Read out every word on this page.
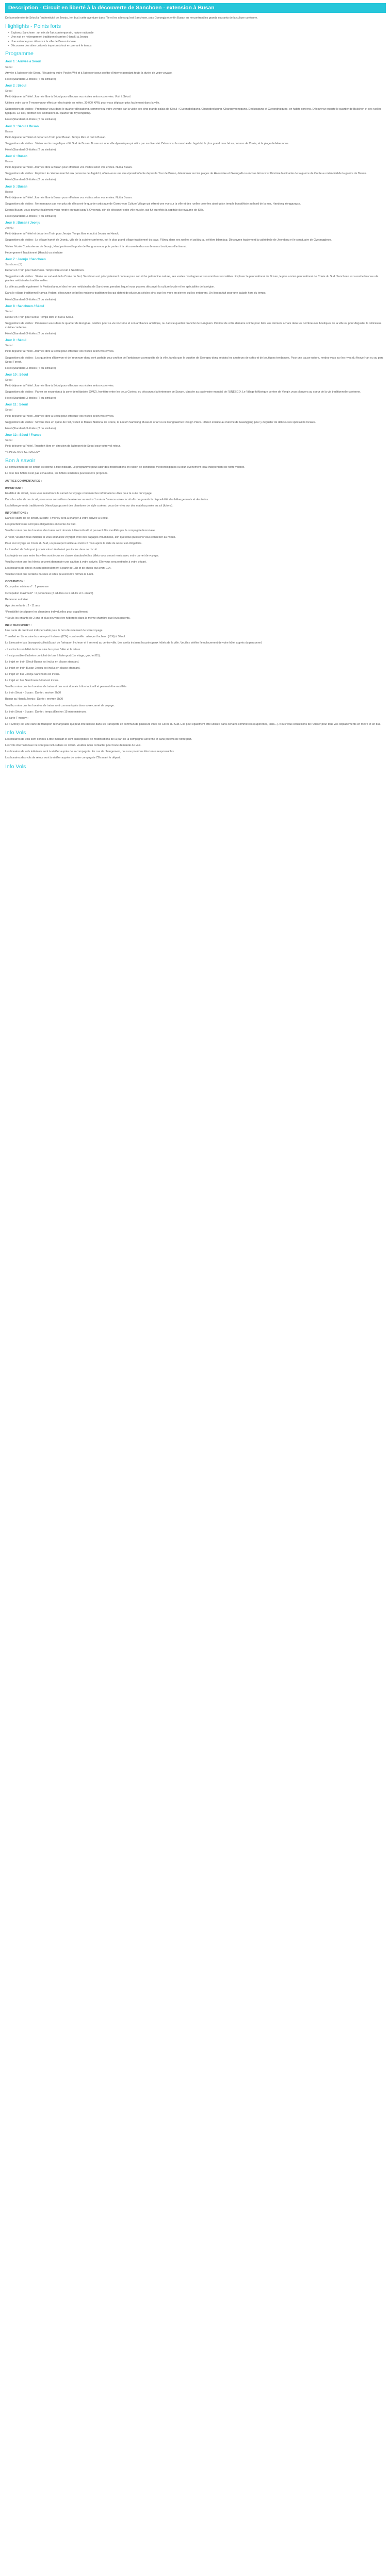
Description - Circuit en liberté à la découverte de Sanchoen - extension à Busan

De la modernité de Séoul à l'authenticité de Jeonju, (en bus) cette aventure dans l'île et les arbres qu'est Sanchoen, puis Gyeongju et enfin Busan en rencontrant les grands courants de la culture coréenne.

Highlights - Points forts
• Explorez Sanchoen : un mix de l'art contemporain, nature nationale
• Une nuit en hébergement traditionnel coréen (Hanok) à Jeonju
• Une antenne pour découvrir la ville de Busan incluse
• Découvrez des sites culturels importants tout en prenant le temps
Programme
Jour 1 : Arrivée à Séoul

Séoul

Arrivée à l'aéroport de Séoul. Récupérez votre Pocket Wifi et à l'aéroport pour profiter d'internet pendant toute la durée de votre voyage.

Hôtel (Standard) 3 étoiles (T ou similaire)

Jour 2 : Séoul

Séoul

Petit-déjeuner à l'hôtel. Journée libre à Séoul pour effectuer vos visites selon vos envies. Visit à Séoul.

Utilisez votre carte T-money pour effectuer des trajets en métro. 30 000 KRW pour vous déplacer plus facilement dans la ville.

Suggestions de visites : Promenez-vous dans le quartier d'Insadong, commencez votre voyage par la visite des cinq grands palais de Séoul : Gyeongbokgung, Changdeokgung, Changgyeonggung, Deoksugung et Gyeonghuigung, en habits coréens. Découvrez ensuite le quartier de Bukchon et ses ruelles typiques. Le soir, profitez des animations du quartier de Myeongdong.

Hôtel (Standard) 3 étoiles (T ou similaire)

Jour 3 : Séoul / Busan

Busan

Petit-déjeuner à l'hôtel et départ en Train pour Busan. Temps libre et nuit à Busan.

Suggestions de visites : Visitez sur le magnifique côté Sud de Busan, Busan est une ville dynamique qui attire par sa diversité. Découvrez le marché de Jagalchi, le plus grand marché au poisson de Corée, et la plage de Haeundae.

Hôtel (Standard) 3 étoiles (T ou similaire)

Jour 4 : Busan

Busan

Petit-déjeuner à l'hôtel. Journée libre à Busan pour effectuer vos visites selon vos envies. Nuit à Busan.

Suggestions de visites : Explorez le célèbre marché aux poissons de Jagalchi, offrez-vous une vue époustouflante depuis la Tour de Busan, déambulez sur les plages de Haeundae et Gwangalli ou encore découvrez l'histoire fascinante de la guerre de Corée au mémorial de la guerre de Busan.

Hôtel (Standard) 3 étoiles (T ou similaire)

Jour 5 : Busan

Busan

Petit-déjeuner à l'hôtel. Journée libre à Busan pour effectuer vos visites selon vos envies. Nuit à Busan.

Suggestions de visites : Ne manquez pas non plus de découvrir le quartier artistique de Gamcheon Culture Village qui offrent une vue sur la ville et des ruelles colorées ainsi qu'un temple bouddhiste au bord de la mer, Haedong Yonggungsa.

Depuis Busan, vous pouvez également vous rendre en train jusqu'à Gyeongju afin de découvrir cette ville musée, qui fut autrefois la capitale du royaume de Silla.

Hôtel (Standard) 3 étoiles (T ou similaire)

Jour 6 : Busan / Jeonju

Jeonju

Petit-déjeuner à l'hôtel et départ en Train pour Jeonju. Temps libre et nuit à Jeonju en Hanok.

Suggestions de visites : Le village hanok de Jeonju, ville de la cuisine coréenne, est le plus grand village traditionnel du pays. Flânez dans ses ruelles et goûtez au célèbre bibimbap. Découvrez également la cathédrale de Jeondong et le sanctuaire de Gyeonggijeon.

Visitez l'école Confucéenne de Jeonju, Hanbyeokru et la porte de Pungnammun, puis partez à la découverte des nombreuses boutiques d'artisanat.

Hébergement Traditionnel (Hanok) ou similaire

Jour 7 : Jeonju / Sanchoen

Sanchoen (S)

Départ en Train pour Sanchoen. Temps libre et nuit à Sanchoen.

Suggestions de visites : Située au sud-est de la Corée du Sud, Sanchoen est principalement connue pour son riche patrimoine naturel, ses vastes montagnes et ses nombreuses vallées. Explorez le parc national de Jirisan, le plus ancien parc national de Corée du Sud. Sanchoen est aussi le berceau de plantes médicinales traditionnelles.

La ville accueille également le Festival annuel des herbes médicinales de Sanchoen, pendant lequel vous pourrez découvrir la culture locale et les spécialités de la région.

Dans le village traditionnel Namsa Yedam, découvrez de belles maisons traditionnelles qui datent de plusieurs siècles ainsi que les murs en pierres qui les entourent. Un lieu parfait pour une balade hors du temps.

Hôtel (Standard) 3 étoiles (T ou similaire)

Jour 8 : Sanchoen / Séoul

Séoul

Retour en Train pour Séoul. Temps libre et nuit à Séoul.

Suggestions de visites : Promenez-vous dans le quartier de Hongdae, célèbre pour sa vie nocturne et son ambiance artistique, ou dans le quartier branché de Gangnam. Profitez de votre dernière soirée pour faire vos derniers achats dans les nombreuses boutiques de la ville ou pour déguster la délicieuse cuisine coréenne.

Hôtel (Standard) 3 étoiles (T ou similaire)

Jour 9 : Séoul

Séoul

Petit-déjeuner à l'hôtel. Journée libre à Séoul pour effectuer vos visites selon vos envies.

Suggestions de visites : Les quartiers d'Itaewon et de Yeonnam-dong sont parfaits pour profiter de l'ambiance cosmopolite de la ville, tandis que le quartier de Seongsu-dong séduira les amateurs de cafés et de boutiques tendances. Pour une pause nature, rendez-vous sur les rives du fleuve Han ou au parc Seoul Forest.

Hôtel (Standard) 3 étoiles (T ou similaire)

Jour 10 : Séoul

Séoul

Petit-déjeuner à l'hôtel. Journée libre à Séoul pour effectuer vos visites selon vos envies.

Suggestions de visites : Partez en excursion à la zone démilitarisée (DMZ), frontière entre les deux Corées, ou découvrez la forteresse de Suwon, classée au patrimoine mondial de l'UNESCO. Le Village folklorique coréen de Yongin vous plongera au coeur de la vie traditionnelle coréenne.

Hôtel (Standard) 3 étoiles (T ou similaire)

Jour 11 : Séoul

Séoul

Petit-déjeuner à l'hôtel. Journée libre à Séoul pour effectuer vos visites selon vos envies.

Suggestions de visites : Si vous êtes en quête de l'art, visitez le Musée National de Corée, le Leeum Samsung Museum of Art ou le Dongdaemun Design Plaza. Flânez ensuite au marché de Gwangjang pour y déguster de délicieuses spécialités locales.

Hôtel (Standard) 3 étoiles (T ou similaire)

Jour 12 : Séoul / France

Séoul

Petit-déjeuner à l'hôtel. Transfert libre en direction de l'aéroport de Séoul pour votre vol retour.

**FIN DE NOS SERVICES**

Bon à savoir

Le déroulement de ce circuit est donné à titre indicatif. Le programme peut subir des modifications en raison de conditions météorologiques ou d'un événement local indépendant de notre volonté.

La liste des hôtels n'est pas exhaustive, les hôtels similaires peuvent être proposés.

AUTRES COMMENTAIRES :

IMPORTANT :

En début de circuit, nous vous remettrons le carnet de voyage contenant les informations utiles pour la suite du voyage.

Dans le cadre de ce circuit, nous vous conseillons de réserver au moins 1 mois à l'avance votre circuit afin de garantir la disponibilité des hébergements et des trains.

Les hébergements traditionnels (Hanok) proposent des chambres de style coréen : vous dormirez sur des matelas posés au sol (futons).

INFORMATIONS :

Dans le cadre de ce circuit, la carte T-money sera à charger à votre arrivée à Séoul.

Les pourboires ne sont pas obligatoires en Corée du Sud.

Veuillez noter que les horaires des trains sont donnés à titre indicatif et peuvent être modifiés par la compagnie ferroviaire.

À noter, veuillez nous indiquer si vous souhaitez voyager avec des bagages volumineux, afin que nous puissions vous conseiller au mieux.

Pour tout voyage en Corée du Sud, un passeport valide au moins 6 mois après la date de retour est obligatoire.

Le transfert de l'aéroport jusqu'à votre hôtel n'est pas inclus dans ce circuit.

Les trajets en train entre les villes sont inclus en classe standard et les billets vous seront remis avec votre carnet de voyage.

Veuillez noter que les hôtels peuvent demander une caution à votre arrivée. Elle vous sera restituée à votre départ.

Les horaires de check-in sont généralement à partir de 15h et de check-out avant 11h.

Veuillez noter que certains musées et sites peuvent être fermés le lundi.

OCCUPATION :

Occupation minimum* : 1 personne

Occupation maximum* : 2 personnes (2 adultes ou 1 adulte et 1 enfant)

Bébé non autorisé

Âge des enfants : 2 - 11 ans

*Possibilité de séparer les chambres individuelles pour supplément.

**Seuls les enfants de 2 ans et plus peuvent être hébergés dans la même chambre que leurs parents.

INFO TRANSPORT :

Une carte de crédit est indispensable pour le bon déroulement de votre voyage.

Transfert en Limousine bus aéroport Incheon (ICN) - centre-ville : aéroport Incheon (ICN) à Séoul.

La Limousine bus (transport collectif) part de l'aéroport Incheon et il se rend au centre-ville. Les arrêts incluent les principaux hôtels de la ville. Veuillez vérifier l'emplacement de votre hôtel auprès du personnel.

- Il est inclus un billet de limousine bus pour l'aller et le retour.

- Il est possible d'acheter un ticket de bus à l'aéroport (1er étage, guichet B1).

Le trajet en train Séoul-Busan est inclus en classe standard.

Le trajet en train Busan-Jeonju est inclus en classe standard.

Le trajet en bus Jeonju-Sanchoen est inclus.

Le trajet en bus Sanchoen-Séoul est inclus.

Veuillez noter que les horaires de trains et bus sont donnés à titre indicatif et peuvent être modifiés.

Le train Séoul - Busan : Durée : environ 2h30

Busan au Hanok Jeonju : Durée : environ 3h00

Veuillez noter que les horaires de trains sont communiqués dans votre carnet de voyage.

Le train Séoul - Busan : Durée : temps (Environ 15 min) minimum.

La carte T-money :

La T-Money est une carte de transport rechargeable qui peut être utilisée dans les transports en commun de plusieurs villes de Corée du Sud. Elle peut également être utilisée dans certains commerces (supérettes, taxis...). Nous vous conseillons de l'utiliser pour tous vos déplacements en métro et en bus.

Info Vols

Les horaires de vols sont donnés à titre indicatif et sont susceptibles de modifications de la part de la compagnie aérienne et sans préavis de notre part.

Les vols internationaux ne sont pas inclus dans ce circuit. Veuillez nous contacter pour toute demande de vols.

Les horaires de vols intérieurs sont à vérifier auprès de la compagnie. En cas de changement, nous ne pourrons être tenus responsables.

Les horaires des vols de retour sont à vérifier auprès de votre compagnie 72h avant le départ.

Info Vols
